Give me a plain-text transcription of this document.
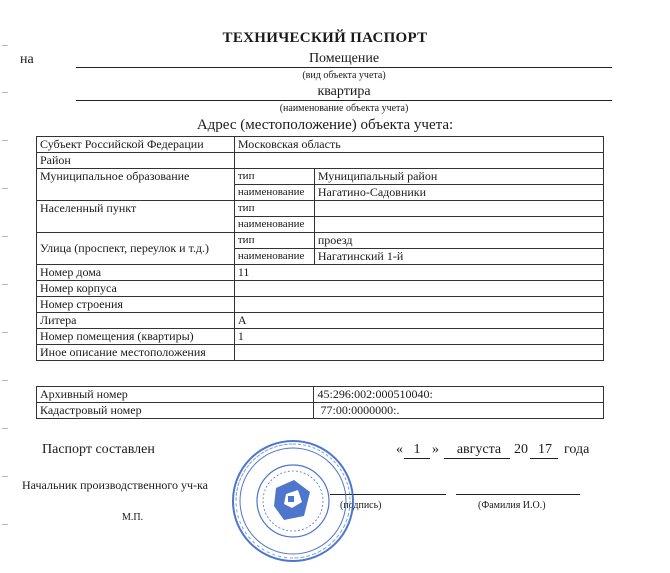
ТЕХНИЧЕСКИЙ ПАСПОРТ
на	Помещение
(вид объекта учета)
квартира
(наименование объекта учета)
Адрес (местоположение) объекта учета:
Субъект Российской Федерации	Московская область	
Район		
Муниципальное образование	тип	Муниципальный район
	наименование	Нагатино-Садовники
Населенный пункт	тип	
	наименование	
Улица (проспект, переулок и т.д.)	тип	проезд
	наименование	Нагатинский 1-й
Номер дома	11	
Номер корпуса		
Номер строения		
Литера	А	
Номер помещения (квартиры)	1	
Иное описание местоположения		
Архивный номер	45:296:002:000510040:
Кадастровый номер	77:00:0000000:.
Паспорт составлен	« 1 »	августа 20 17 года
Начальник производственного уч-ка
(подпись)	(Фамилия И.О.)
М.П.
